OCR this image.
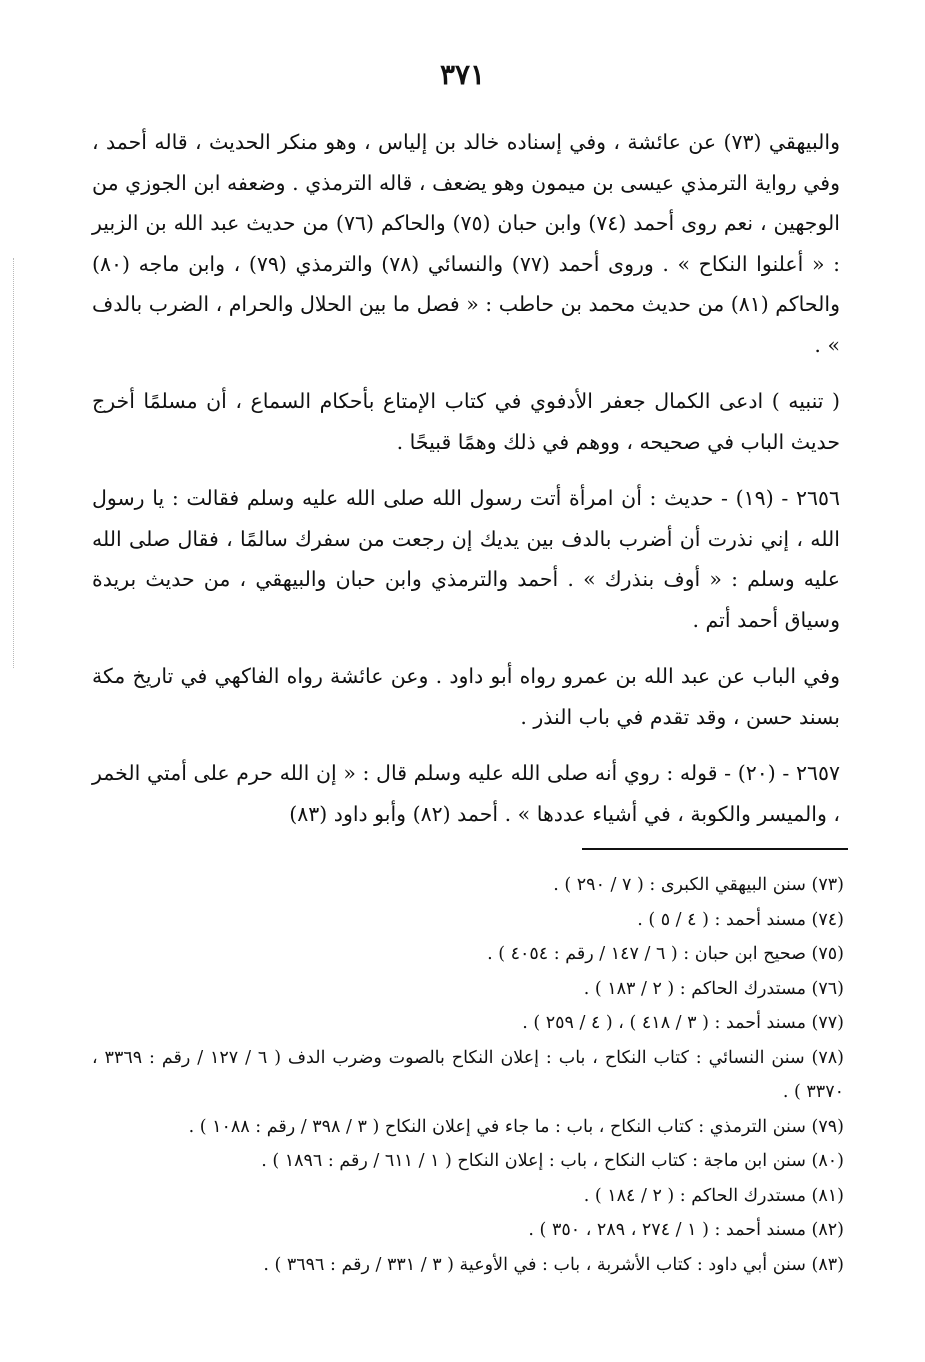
٣٧١

والبيهقي (٧٣) عن عائشة ، وفي إسناده خالد بن إلياس ، وهو منكر الحديث ، قاله أحمد ، وفي رواية الترمذي عيسى بن ميمون وهو يضعف ، قاله الترمذي . وضعفه ابن الجوزي من الوجهين ، نعم روى أحمد (٧٤) وابن حبان (٧٥) والحاكم (٧٦) من حديث عبد الله بن الزبير : « أعلنوا النكاح » . وروى أحمد (٧٧) والنسائي (٧٨) والترمذي (٧٩) ، وابن ماجه (٨٠) والحاكم (٨١) من حديث محمد بن حاطب : « فصل ما بين الحلال والحرام ، الضرب بالدف » .

( تنبيه ) ادعى الكمال جعفر الأدفوي في كتاب الإمتاع بأحكام السماع ، أن مسلمًا أخرج حديث الباب في صحيحه ، ووهم في ذلك وهمًا قبيحًا .

٢٦٥٦ - (١٩) - حديث : أن امرأة أتت رسول الله صلى الله عليه وسلم فقالت : يا رسول الله ، إني نذرت أن أضرب بالدف بين يديك إن رجعت من سفرك سالمًا ، فقال صلى الله عليه وسلم : « أوف بنذرك » . أحمد والترمذي وابن حبان والبيهقي ، من حديث بريدة وسياق أحمد أتم .

وفي الباب عن عبد الله بن عمرو رواه أبو داود . وعن عائشة رواه الفاكهي في تاريخ مكة بسند حسن ، وقد تقدم في باب النذر .

٢٦٥٧ - (٢٠) - قوله : روي أنه صلى الله عليه وسلم قال : « إن الله حرم على أمتي الخمر ، والميسر والكوبة ، في أشياء عددها » . أحمد (٨٢) وأبو داود (٨٣)

(٧٣) سنن البيهقي الكبرى : ( ٧ / ٢٩٠ ) .
(٧٤) مسند أحمد : ( ٤ / ٥ ) .
(٧٥) صحيح ابن حبان : ( ٦ / ١٤٧ / رقم : ٤٠٥٤ ) .
(٧٦) مستدرك الحاكم : ( ٢ / ١٨٣ ) .
(٧٧) مسند أحمد : ( ٣ / ٤١٨ ) ، ( ٤ / ٢٥٩ ) .
(٧٨) سنن النسائي : كتاب النكاح ، باب : إعلان النكاح بالصوت وضرب الدف ( ٦ / ١٢٧ / رقم : ٣٣٦٩ ، ٣٣٧٠ ) .
(٧٩) سنن الترمذي : كتاب النكاح ، باب : ما جاء في إعلان النكاح ( ٣ / ٣٩٨ / رقم : ١٠٨٨ ) .
(٨٠) سنن ابن ماجة : كتاب النكاح ، باب : إعلان النكاح ( ١ / ٦١١ / رقم : ١٨٩٦ ) .
(٨١) مستدرك الحاكم : ( ٢ / ١٨٤ ) .
(٨٢) مسند أحمد : ( ١ / ٢٧٤ ، ٢٨٩ ، ٣٥٠ ) .
(٨٣) سنن أبي داود : كتاب الأشربة ، باب : في الأوعية ( ٣ / ٣٣١ / رقم : ٣٦٩٦ ) .
